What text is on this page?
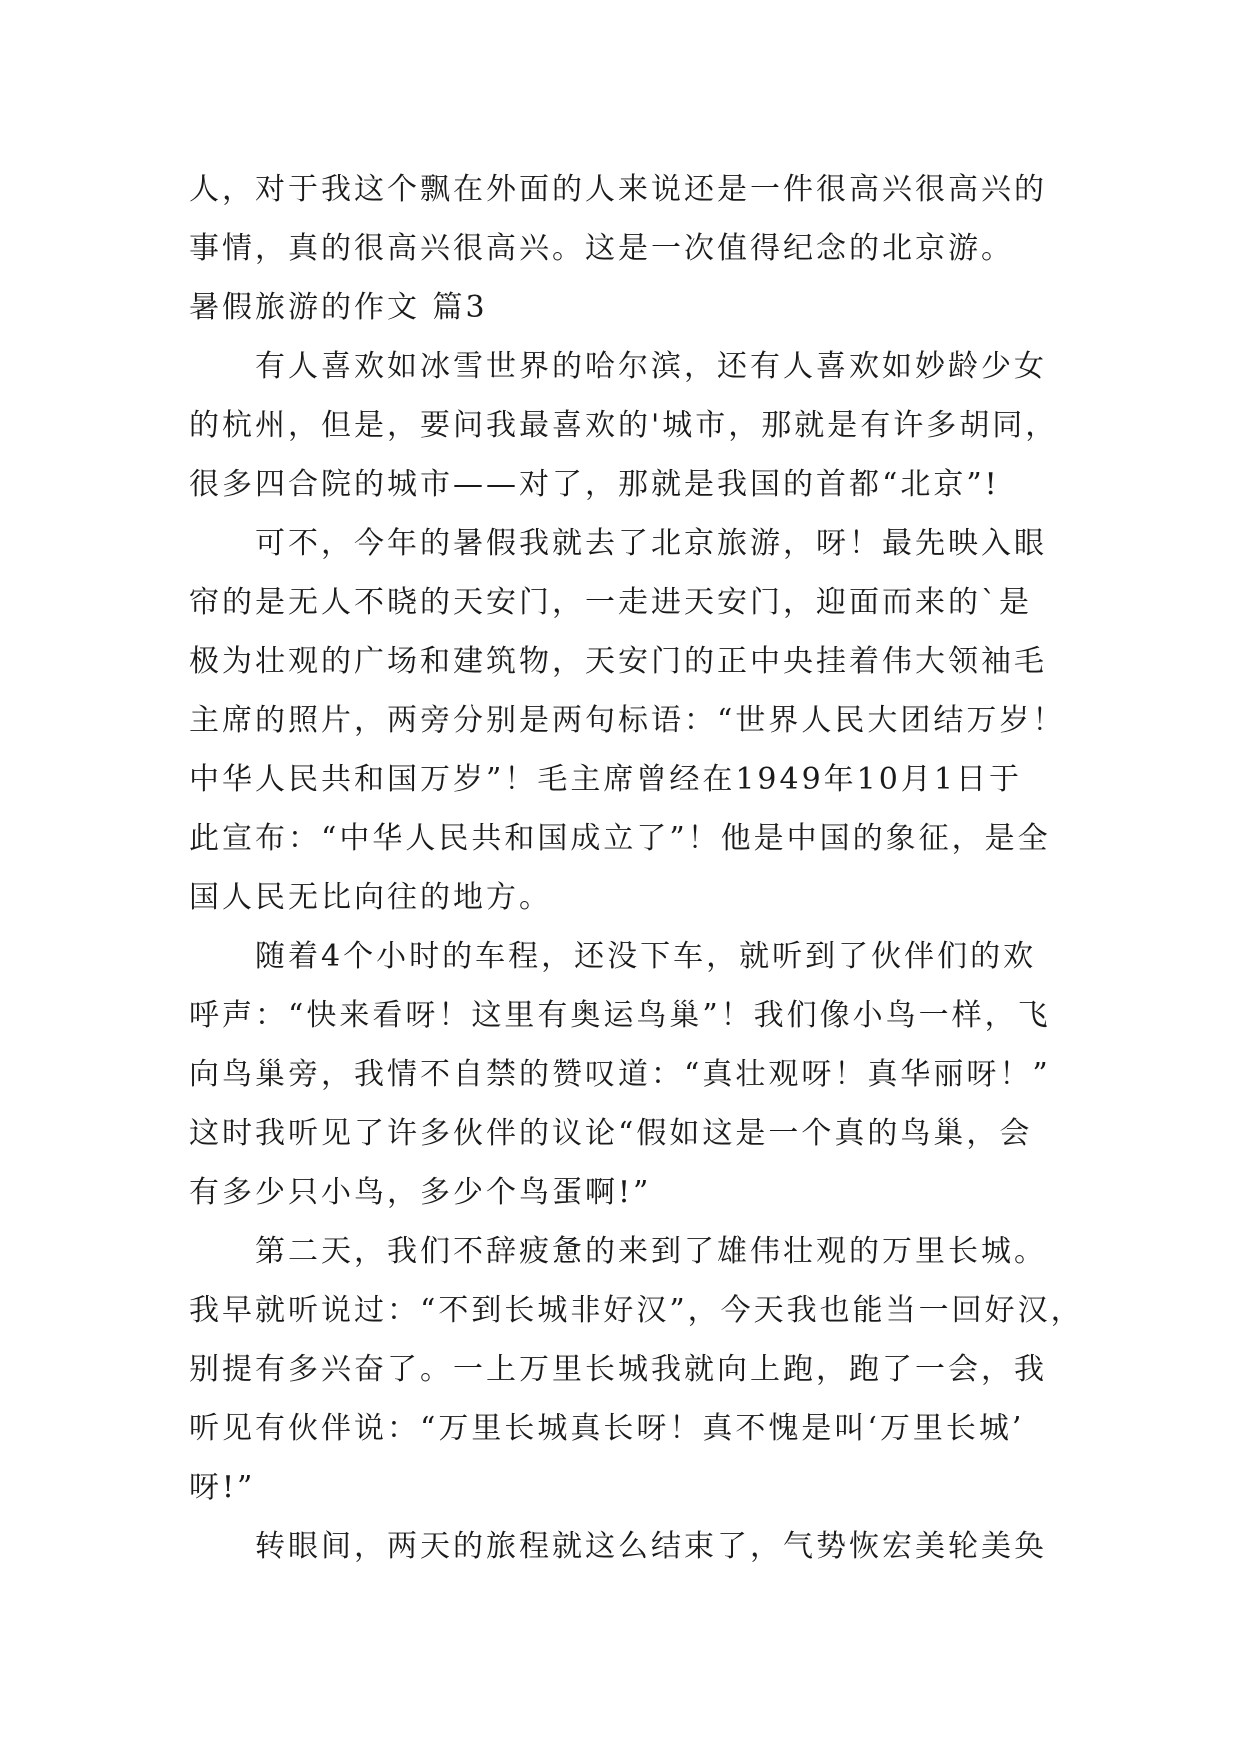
人，对于我这个飘在外面的人来说还是一件很高兴很高兴的
事情，真的很高兴很高兴。这是一次值得纪念的北京游。
暑假旅游的作文 篇3
有人喜欢如冰雪世界的哈尔滨，还有人喜欢如妙龄少女
的杭州，但是，要问我最喜欢的'城市，那就是有许多胡同，
很多四合院的城市——对了，那就是我国的首都“北京”!
可不，今年的暑假我就去了北京旅游，呀！最先映入眼
帘的是无人不晓的天安门，一走进天安门，迎面而来的`是
极为壮观的广场和建筑物，天安门的正中央挂着伟大领袖毛
主席的照片，两旁分别是两句标语：“世界人民大团结万岁！
中华人民共和国万岁”！毛主席曾经在1949年10月1日于
此宣布：“中华人民共和国成立了”！他是中国的象征，是全
国人民无比向往的地方。
随着4个小时的车程，还没下车，就听到了伙伴们的欢
呼声：“快来看呀！这里有奥运鸟巢”！我们像小鸟一样，飞
向鸟巢旁，我情不自禁的赞叹道：“真壮观呀！真华丽呀！”
这时我听见了许多伙伴的议论“假如这是一个真的鸟巢，会
有多少只小鸟，多少个鸟蛋啊!”
第二天，我们不辞疲惫的来到了雄伟壮观的万里长城。
我早就听说过：“不到长城非好汉”，今天我也能当一回好汉，
别提有多兴奋了。一上万里长城我就向上跑，跑了一会，我
听见有伙伴说：“万里长城真长呀！真不愧是叫‘万里长城’
呀!”
转眼间，两天的旅程就这么结束了，气势恢宏美轮美奂
